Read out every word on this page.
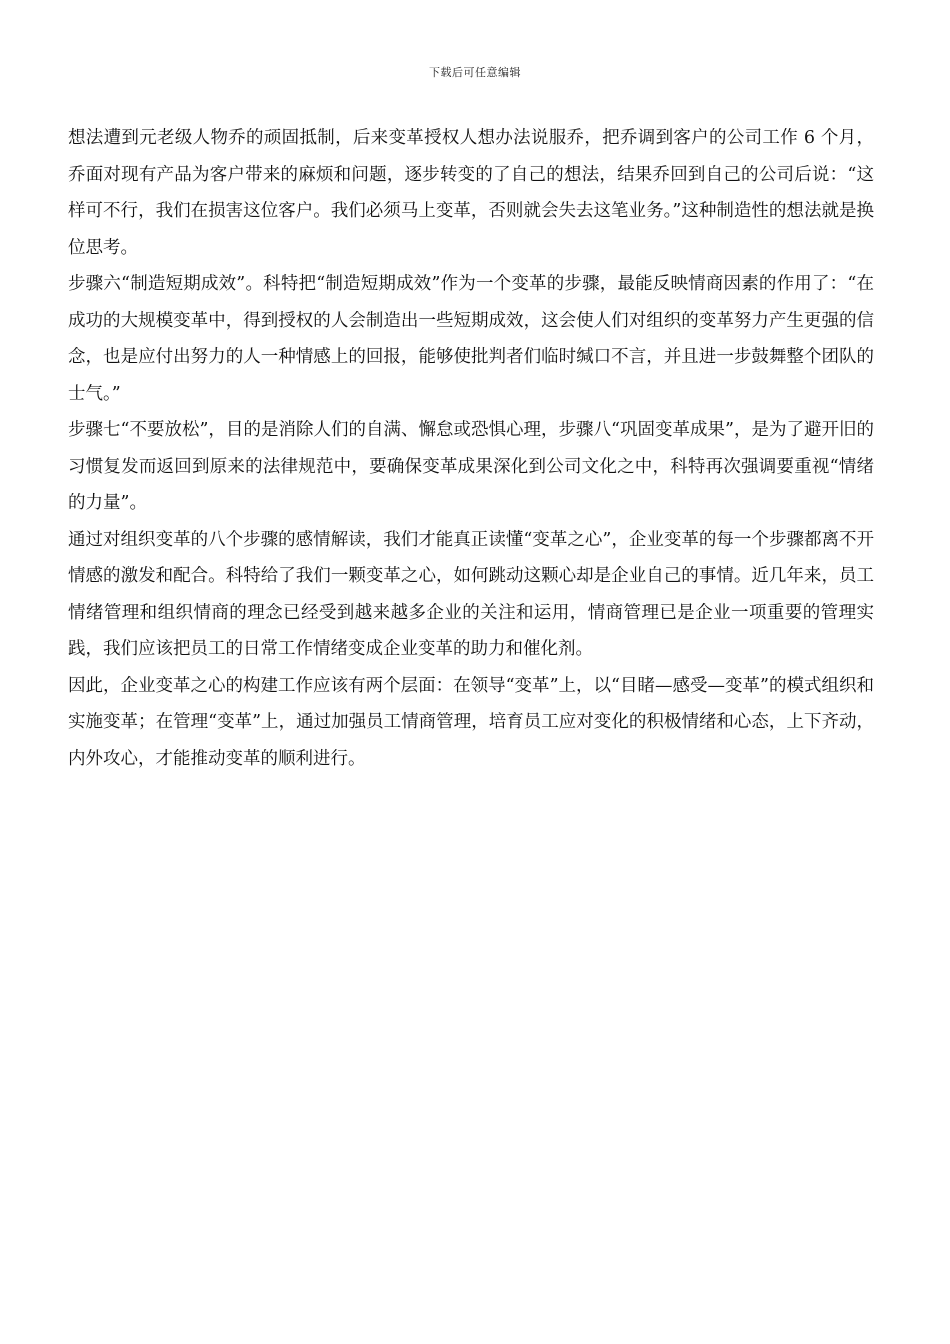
下载后可任意编辑

想法遭到元老级人物乔的顽固抵制，后来变革授权人想办法说服乔，把乔调到客户的公司工作 6 个月，乔面对现有产品为客户带来的麻烦和问题，逐步转变的了自己的想法，结果乔回到自己的公司后说：“这样可不行，我们在损害这位客户。我们必须马上变革，否则就会失去这笔业务。”这种制造性的想法就是换位思考。

步骤六“制造短期成效”。科特把“制造短期成效”作为一个变革的步骤，最能反映情商因素的作用了：“在成功的大规模变革中，得到授权的人会制造出一些短期成效，这会使人们对组织的变革努力产生更强的信念，也是应付出努力的人一种情感上的回报，能够使批判者们临时缄口不言，并且进一步鼓舞整个团队的士气。”

步骤七“不要放松”，目的是消除人们的自满、懈怠或恐惧心理，步骤八“巩固变革成果”，是为了避开旧的习惯复发而返回到原来的法律规范中，要确保变革成果深化到公司文化之中，科特再次强调要重视“情绪的力量”。

通过对组织变革的八个步骤的感情解读，我们才能真正读懂“变革之心”，企业变革的每一个步骤都离不开情感的激发和配合。科特给了我们一颗变革之心，如何跳动这颗心却是企业自己的事情。近几年来，员工情绪管理和组织情商的理念已经受到越来越多企业的关注和运用，情商管理已是企业一项重要的管理实践，我们应该把员工的日常工作情绪变成企业变革的助力和催化剂。

因此，企业变革之心的构建工作应该有两个层面：在领导“变革”上，以“目睹—感受—变革”的模式组织和实施变革；在管理“变革”上，通过加强员工情商管理，培育员工应对变化的积极情绪和心态，上下齐动，内外攻心，才能推动变革的顺利进行。
